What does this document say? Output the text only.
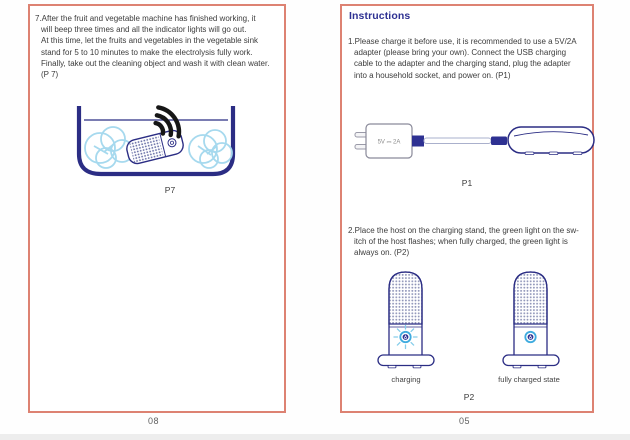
7.After the fruit and vegetable machine has finished working, it
will beep three times and all the indicator lights will go out.
At this time, let the fruits and vegetables in the vegetable sink
stand for 5 to 10 minutes to make the electrolysis fully work.
Finally, take out the cleaning object and wash it with clean water.
(P 7)
P7
08
Instructions
1.Please charge it before use, it is recommended to use a 5V/2A
adapter (please bring your own). Connect the USB charging
cable to the adapter and the charging stand, plug the adapter
into a household socket, and power on. (P1)
5V ⎓ 2A
P1
2.Place the host on the charging stand, the green light on the sw-
itch of the host flashes; when fully charged, the green light is
always on. (P2)
charging	fully charged state
P2
05
